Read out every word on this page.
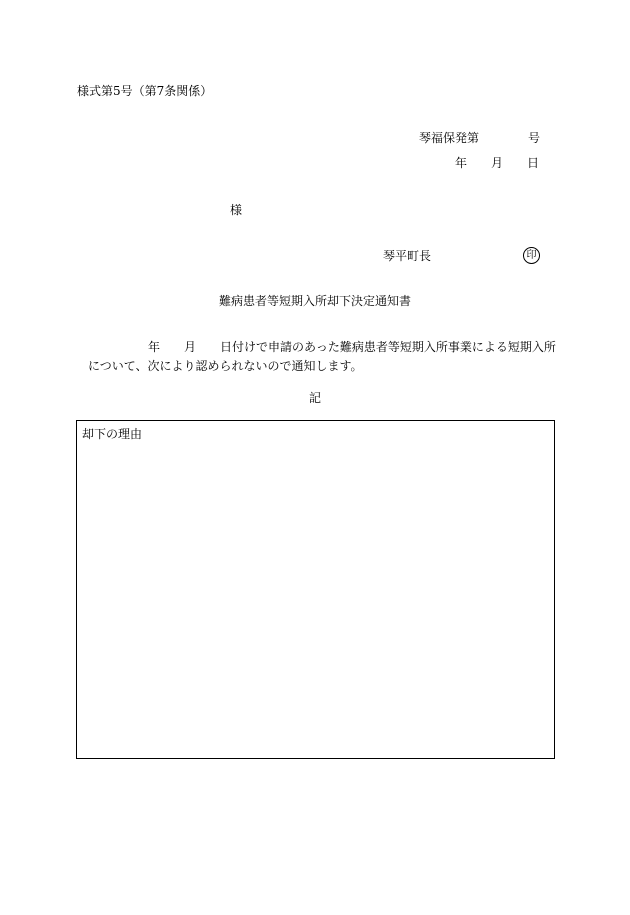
様式第5号（第7条関係）
琴福保発第	号
年 月 日
様
琴平町長	印
難病患者等短期入所却下決定通知書
年 月 日付けで申請のあった難病患者等短期入所事業による短期入所
について、次により認められないので通知します。
記
却下の理由
